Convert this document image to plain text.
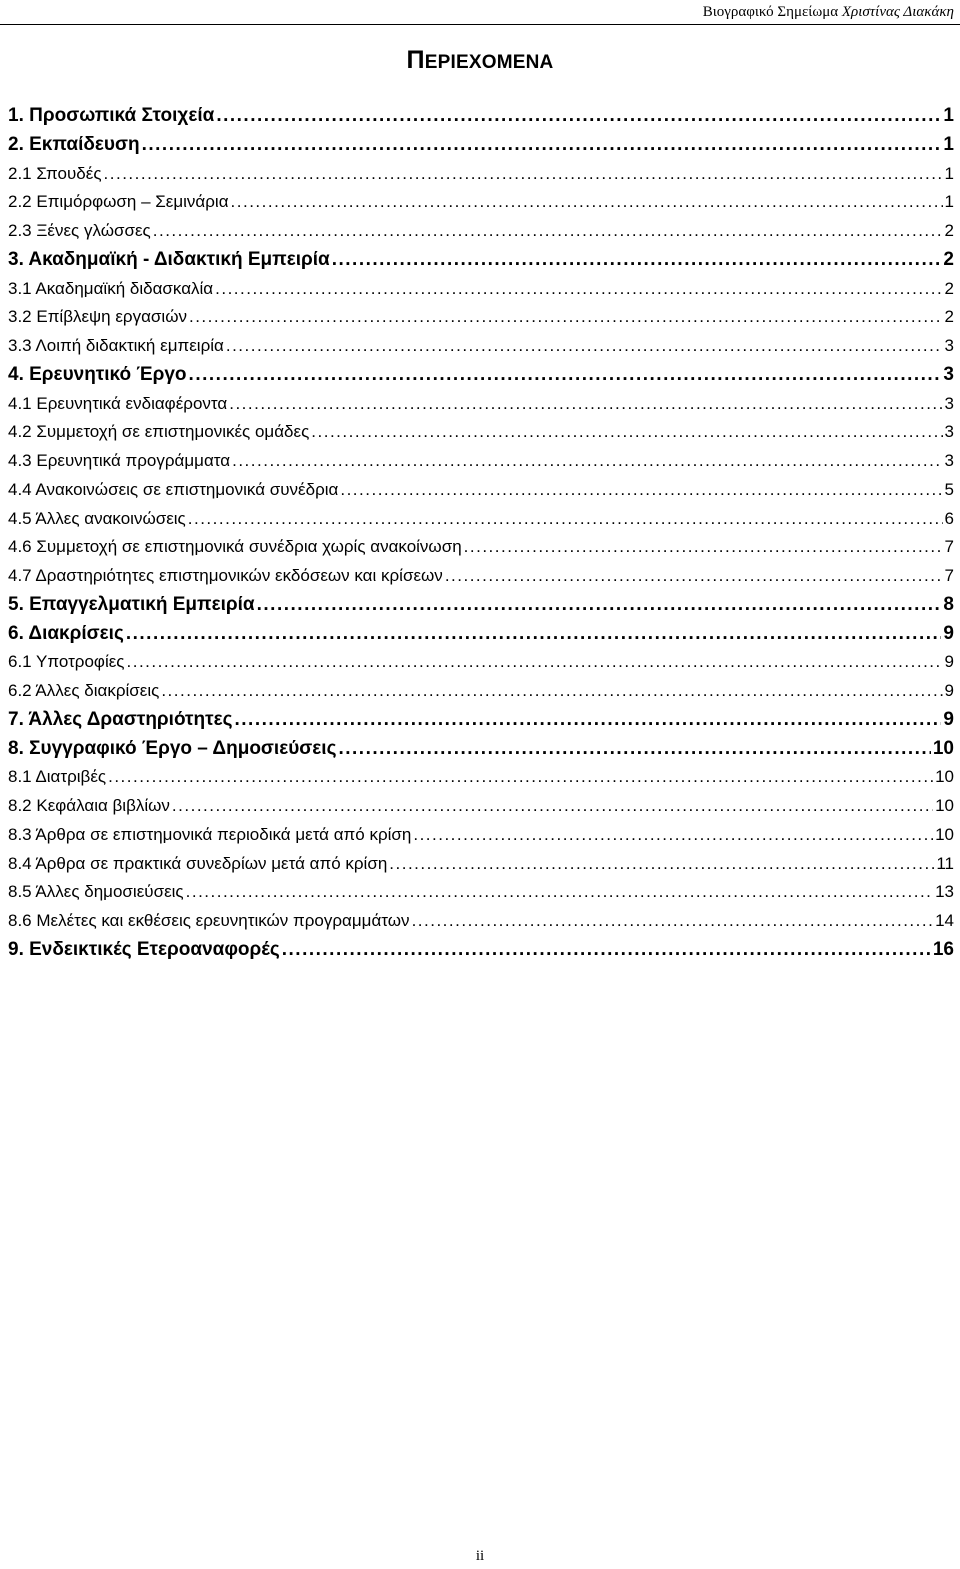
Βιογραφικό Σημείωμα Χριστίνας Διακάκη
ΠΕΡΙΕΧΟΜΕΝΑ
1. Προσωπικά Στοιχεία .....	1
2. Εκπαίδευση .....	1
2.1 Σπουδές .....	1
2.2 Επιμόρφωση – Σεμινάρια .....	1
2.3 Ξένες γλώσσες .....	2
3. Ακαδημαϊκή - Διδακτική Εμπειρία .....	2
3.1 Ακαδημαϊκή διδασκαλία .....	2
3.2 Επίβλεψη εργασιών .....	2
3.3 Λοιπή διδακτική εμπειρία .....	3
4. Ερευνητικό Έργο .....	3
4.1 Ερευνητικά ενδιαφέροντα .....	3
4.2 Συμμετοχή σε επιστημονικές ομάδες .....	3
4.3 Ερευνητικά προγράμματα .....	3
4.4 Ανακοινώσεις σε επιστημονικά συνέδρια .....	5
4.5 Άλλες ανακοινώσεις .....	6
4.6 Συμμετοχή σε επιστημονικά συνέδρια χωρίς ανακοίνωση .....	7
4.7 Δραστηριότητες επιστημονικών εκδόσεων και κρίσεων .....	7
5. Επαγγελματική Εμπειρία .....	8
6. Διακρίσεις .....	9
6.1 Υποτροφίες .....	9
6.2 Άλλες διακρίσεις .....	9
7. Άλλες Δραστηριότητες .....	9
8. Συγγραφικό Έργο – Δημοσιεύσεις .....	10
8.1 Διατριβές .....	10
8.2 Κεφάλαια βιβλίων .....	10
8.3 Άρθρα σε επιστημονικά περιοδικά μετά από κρίση .....	10
8.4 Άρθρα σε πρακτικά συνεδρίων μετά από κρίση .....	11
8.5 Άλλες δημοσιεύσεις .....	13
8.6 Μελέτες και εκθέσεις ερευνητικών προγραμμάτων .....	14
9. Ενδεικτικές Ετεροαναφορές .....	16
ii
